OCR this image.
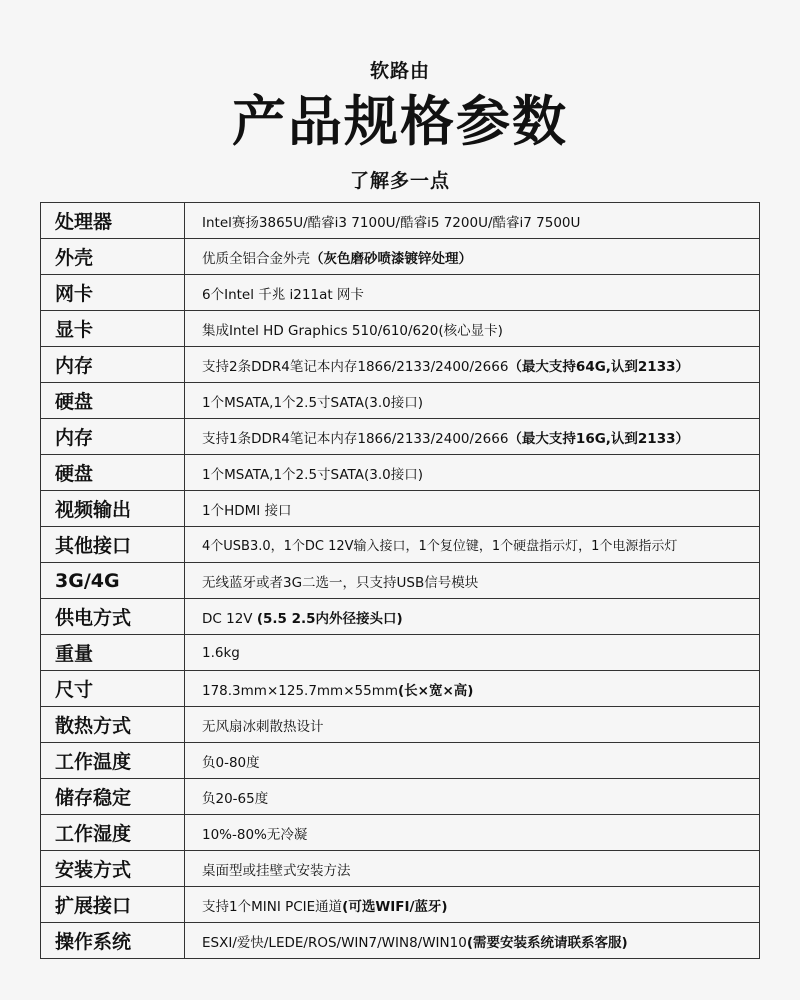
软路由
产品规格参数
了解多一点
处理器	Intel赛扬3865U/酷睿i3 7100U/酷睿i5 7200U/酷睿i7 7500U
外壳	优质全铝合金外壳（灰色磨砂喷漆镀锌处理）
网卡	6个Intel 千兆 i211at 网卡
显卡	集成Intel HD Graphics 510/610/620(核心显卡)
内存	支持2条DDR4笔记本内存1866/2133/2400/2666（最大支持64G,认到2133）
硬盘	1个MSATA,1个2.5寸SATA(3.0接口)
内存	支持1条DDR4笔记本内存1866/2133/2400/2666（最大支持16G,认到2133）
硬盘	1个MSATA,1个2.5寸SATA(3.0接口)
视频输出	1个HDMI 接口
其他接口	4个USB3.0，1个DC 12V输入接口，1个复位键，1个硬盘指示灯，1个电源指示灯
3G/4G	无线蓝牙或者3G二选一，只支持USB信号模块
供电方式	DC 12V (5.5 2.5内外径接头口)
重量	1.6kg
尺寸	178.3mm×125.7mm×55mm(长×宽×高)
散热方式	无风扇冰刺散热设计
工作温度	负0-80度
储存稳定	负20-65度
工作湿度	10%-80%无冷凝
安装方式	桌面型或挂壁式安装方法
扩展接口	支持1个MINI PCIE通道(可选WIFI/蓝牙)
操作系统	ESXI/爱快/LEDE/ROS/WIN7/WIN8/WIN10(需要安装系统请联系客服)
